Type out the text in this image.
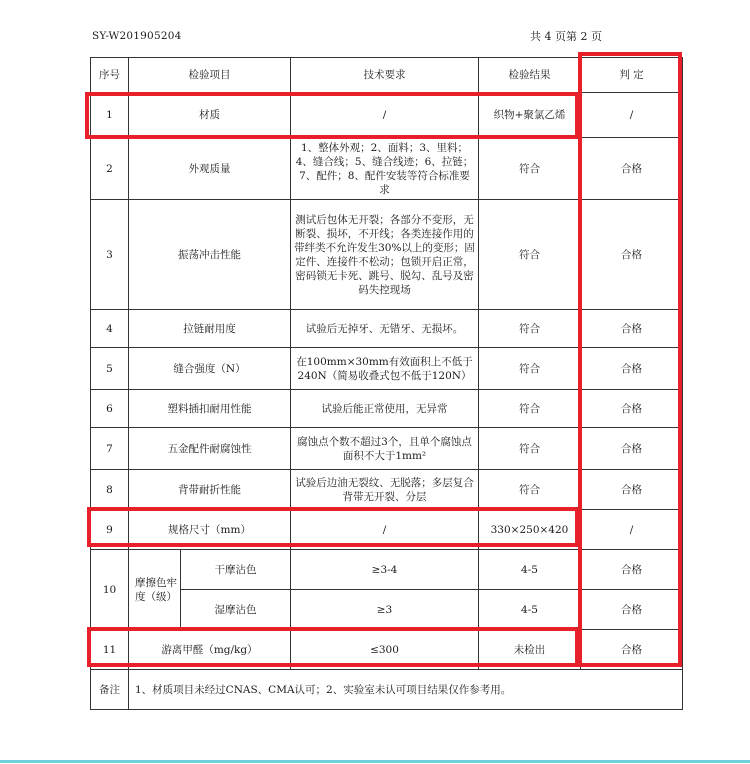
SY-W201905204	共 4 页第 2 页
序号	检验项目		技术要求	检验结果	判 定
1	材质		/	织物+聚氯乙烯	/
2	外观质量		1、整体外观；2、面料；3、里料；4、缝合线；5、缝合线迹；6、拉链；7、配件；8、配件安装等符合标准要求	符合	合格
3	振荡冲击性能		测试后包体无开裂；各部分不变形，无断裂、损坏，不开线；各类连接作用的带绊类不允许发生30%以上的变形；固定件、连接件不松动；包锁开启正常，密码锁无卡死、跳号、脱勾、乱号及密码失控现场	符合	合格
4	拉链耐用度		试验后无掉牙、无错牙、无损坏。	符合	合格
5	缝合强度（N）		在100mm×30mm有效面积上不低于240N（简易收叠式包不低于120N）	符合	合格
6	塑料插扣耐用性能		试验后能正常使用，无异常	符合	合格
7	五金配件耐腐蚀性		腐蚀点个数不超过3个，且单个腐蚀点面积不大于1mm²	符合	合格
8	背带耐折性能		试验后边油无裂纹、无脱落；多层复合背带无开裂、分层	符合	合格
9	规格尺寸（mm）		/	330×250×420	/
10	摩擦色牢度（级）	干摩沾色	≥3-4	4-5	合格
		湿摩沾色	≥3	4-5	合格
11	游离甲醛（mg/kg）		≤300	未检出	合格
备注	1、材质项目未经过CNAS、CMA认可；2、实验室未认可项目结果仅作参考用。				
